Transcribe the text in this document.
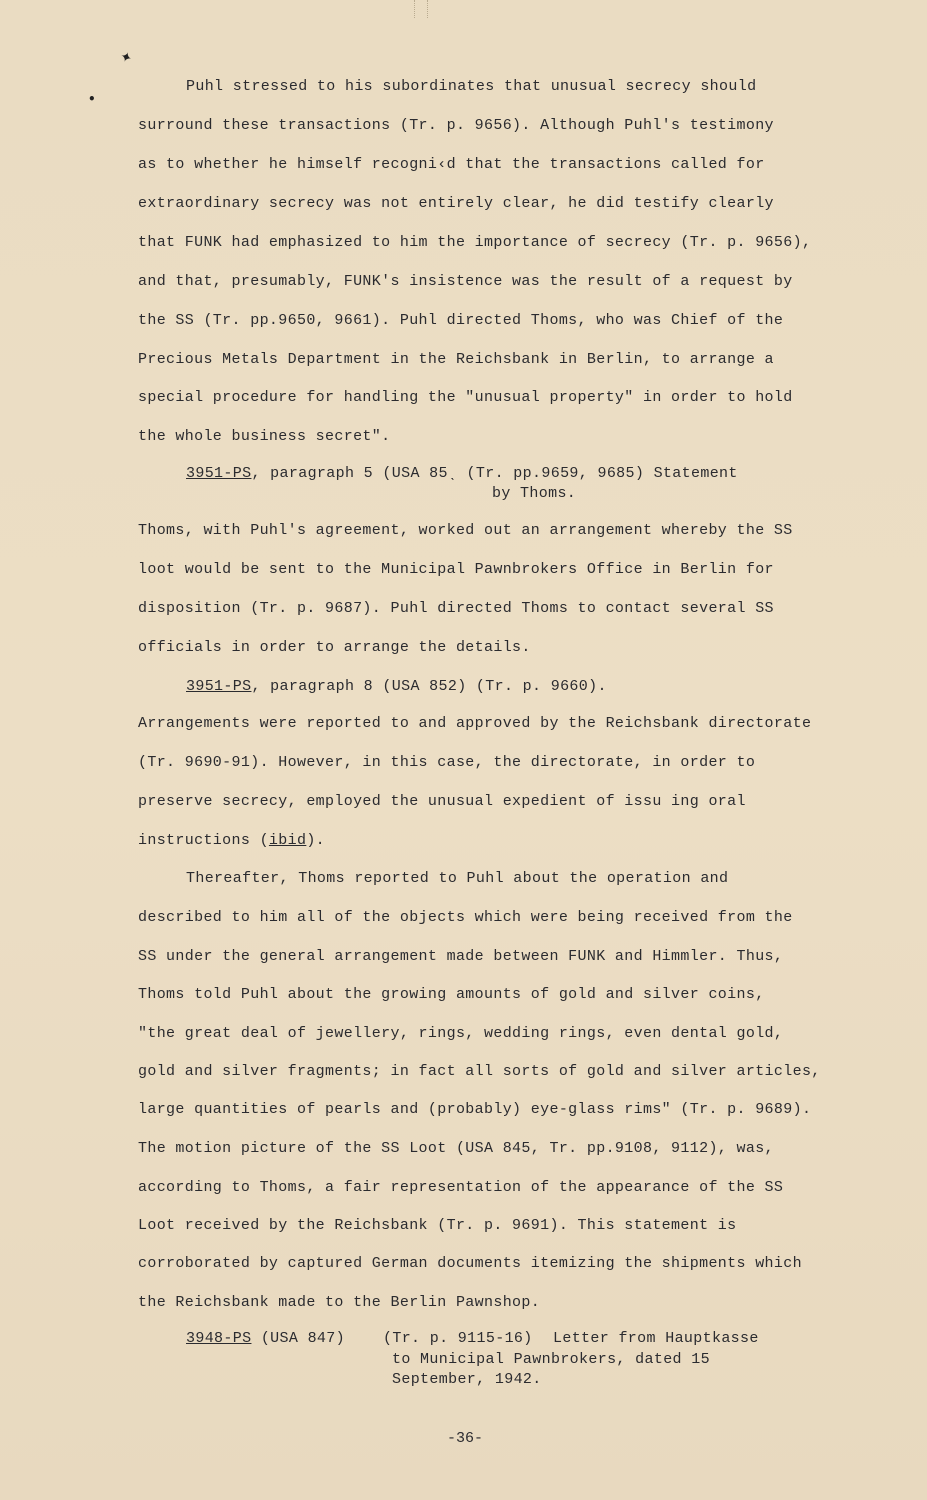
✦
•

Puhl stressed to his subordinates that unusual secrecy should

surround these transactions (Tr. p. 9656). Although Puhl's testimony

as to whether he himself recogni‹d that the transactions called for

extraordinary secrecy was not entirely clear, he did testify clearly

that FUNK had emphasized to him the importance of secrecy (Tr. p. 9656),

and that, presumably, FUNK's insistence was the result of a request by

the SS (Tr. pp.9650, 9661). Puhl directed Thoms, who was Chief of the

Precious Metals Department in the Reichsbank in Berlin, to arrange a

special procedure for handling the "unusual property" in order to hold

the whole business secret".

3951-PS, paragraph 5 (USA 85ˎ (Tr. pp.9659, 9685) Statement
by Thoms.

Thoms, with Puhl's agreement, worked out an arrangement whereby the SS

loot would be sent to the Municipal Pawnbrokers Office in Berlin for

disposition (Tr. p. 9687). Puhl directed Thoms to contact several SS

officials in order to arrange the details.

3951-PS, paragraph 8 (USA 852) (Tr. p. 9660).

Arrangements were reported to and approved by the Reichsbank directorate

(Tr. 9690-91). However, in this case, the directorate, in order to

preserve secrecy, employed the unusual expedient of issu ing oral

instructions (ibid).

Thereafter, Thoms reported to Puhl about the operation and

described to him all of the objects which were being received from the

SS under the general arrangement made between FUNK and Himmler. Thus,

Thoms told Puhl about the growing amounts of gold and silver coins,

"the great deal of jewellery, rings, wedding rings, even dental gold,

gold and silver fragments; in fact all sorts of gold and silver articles,

large quantities of pearls and (probably) eye-glass rims" (Tr. p. 9689).

The motion picture of the SS Loot (USA 845, Tr. pp.9108, 9112), was,

according to Thoms, a fair representation of the appearance of the SS

Loot received by the Reichsbank (Tr. p. 9691). This statement is

corroborated by captured German documents itemizing the shipments which

the Reichsbank made to the Berlin Pawnshop.

3948-PS (USA 847)	(Tr. p. 9115-16) Letter from Hauptkasse
to Municipal Pawnbrokers, dated 15
September, 1942.
-36-
